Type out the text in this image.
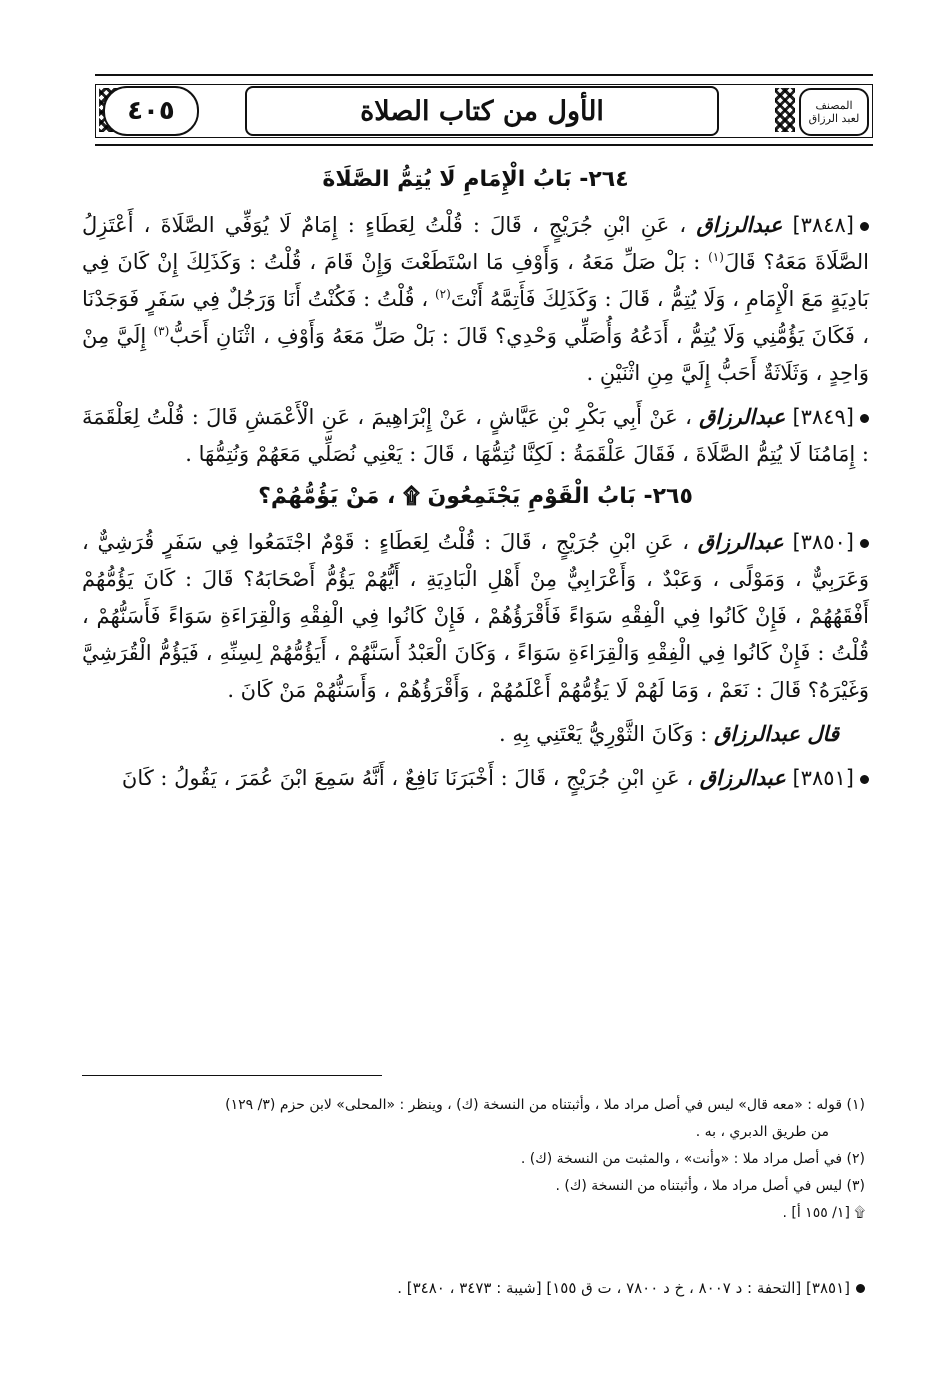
٤٠٥	الأول من كتاب الصلاة	المصنف
لعبد الرزاق
٢٦٤- بَابُ الْإِمَامِ لَا يُتِمُّ الصَّلَاةَ

[٣٨٤٨] عبدالرزاق ، عَنِ ابْنِ جُرَيْجٍ ، قَالَ : قُلْتُ لِعَطَاءٍ : إِمَامٌ لَا يُوَفِّي الصَّلَاةَ ، أَعْتَزِلُ الصَّلَاةَ مَعَهُ؟ قَالَ$^{(١)}$ : بَلْ صَلِّ مَعَهُ ، وَأَوْفِ مَا اسْتَطَعْتَ وَإِنْ قَامَ ، قُلْتُ : وَكَذَلِكَ إِنْ كَانَ فِي بَادِيَةٍ مَعَ الْإِمَامِ ، وَلَا يُتِمُّ ، قَالَ : وَكَذَلِكَ فَأَتِمَّهُ أَنْتَ$^{(٢)}$ ، قُلْتُ : فَكُنْتُ أَنَا وَرَجُلٌ فِي سَفَرٍ فَوَجَدْنَا ، فَكَانَ يَؤُمُّنِي وَلَا يُتِمُّ ، أَدَعُهُ وَأُصَلِّي وَحْدِي؟ قَالَ : بَلْ صَلِّ مَعَهُ وَأَوْفِ ، اثْنَانِ أَحَبُّ$^{(٣)}$ إِلَيَّ مِنْ وَاحِدٍ ، وَثَلَاثَةٌ أَحَبُّ إِلَيَّ مِنِ اثْنَيْنِ .

[٣٨٤٩] عبدالرزاق ، عَنْ أَبِي بَكْرِ بْنِ عَيَّاشٍ ، عَنْ إِبْرَاهِيمَ ، عَنِ الْأَعْمَشِ قَالَ : قُلْتُ لِعَلْقَمَةَ : إِمَامُنَا لَا يُتِمُّ الصَّلَاةَ ، فَقَالَ عَلْقَمَةُ : لَكِنَّا نُتِمُّهَا ، قَالَ : يَعْنِي نُصَلِّي مَعَهُمْ وَنُتِمُّهَا .

٢٦٥- بَابُ الْقَوْمِ يَجْتَمِعُونَ ۩ ، مَنْ يَؤُمُّهُمْ؟

[٣٨٥٠] عبدالرزاق ، عَنِ ابْنِ جُرَيْجٍ ، قَالَ : قُلْتُ لِعَطَاءٍ : قَوْمٌ اجْتَمَعُوا فِي سَفَرٍ قُرَشِيٌّ ، وَعَرَبِيٌّ ، وَمَوْلًى ، وَعَبْدٌ ، وَأَعْرَابِيٌّ مِنْ أَهْلِ الْبَادِيَةِ ، أَيُّهُمْ يَؤُمُّ أَصْحَابَهُ؟ قَالَ : كَانَ يَؤُمُّهُمْ أَفْقَهُهُمْ ، فَإِنْ كَانُوا فِي الْفِقْهِ سَوَاءً فَأَقْرَؤُهُمْ ، فَإِنْ كَانُوا فِي الْفِقْهِ وَالْقِرَاءَةِ سَوَاءً فَأَسَنُّهُمْ ، قُلْتُ : فَإِنْ كَانُوا فِي الْفِقْهِ وَالْقِرَاءَةِ سَوَاءً ، وَكَانَ الْعَبْدُ أَسَنَّهُمْ ، أَيَؤُمُّهُمْ لِسِنِّهِ ، فَيَؤُمُّ الْقُرَشِيَّ وَغَيْرَهُ؟ قَالَ : نَعَمْ ، وَمَا لَهُمْ لَا يَؤُمُّهُمْ أَعْلَمُهُمْ ، وَأَقْرَؤُهُمْ ، وَأَسَنُّهُمْ مَنْ كَانَ .

قال عبدالرزاق : وَكَانَ الثَّوْرِيُّ يَعْتَنِي بِهِ .

[٣٨٥١] عبدالرزاق ، عَنِ ابْنِ جُرَيْجٍ ، قَالَ : أَخْبَرَنَا نَافِعٌ ، أَنَّهُ سَمِعَ ابْنَ عُمَرَ ، يَقُولُ : كَانَ

(١) قوله : «معه قال» ليس في أصل مراد ملا ، وأثبتناه من النسخة (ك) ، وينظر : «المحلى» لابن حزم (٣/ ١٢٩)

من طريق الدبري ، به .

(٢) في أصل مراد ملا : «وأنت» ، والمثبت من النسخة (ك) .

(٣) ليس في أصل مراد ملا ، وأثبتناه من النسخة (ك) .

۩ [١/ ١٥٥ أ] .

[٣٨٥١] [التحفة : د ٨٠٠٧ ، خ د ٧٨٠٠ ، ت ق ١٥٥] [شيبة : ٣٤٧٣ ، ٣٤٨٠] .
